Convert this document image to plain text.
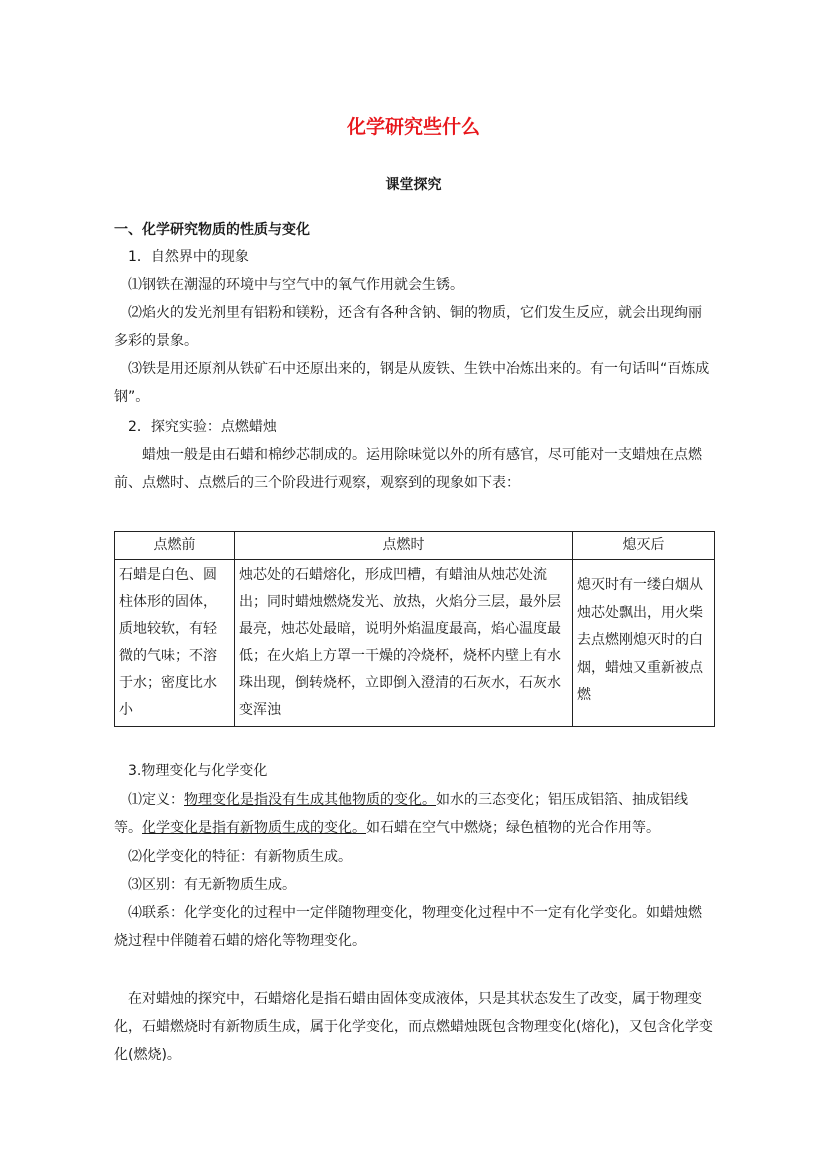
化学研究些什么
课堂探究
一、化学研究物质的性质与变化
1．自然界中的现象
⑴钢铁在潮湿的环境中与空气中的氧气作用就会生锈。
⑵焰火的发光剂里有铝粉和镁粉，还含有各种含钠、铜的物质，它们发生反应，就会出现绚丽多彩的景象。
⑶铁是用还原剂从铁矿石中还原出来的，钢是从废铁、生铁中冶炼出来的。有一句话叫“百炼成钢”。
2．探究实验：点燃蜡烛
蜡烛一般是由石蜡和棉纱芯制成的。运用除味觉以外的所有感官，尽可能对一支蜡烛在点燃前、点燃时、点燃后的三个阶段进行观察，观察到的现象如下表：
点燃前	点燃时	熄灭后
石蜡是白色、圆柱体形的固体，质地较软，有轻微的气味；不溶于水；密度比水小	烛芯处的石蜡熔化，形成凹槽，有蜡油从烛芯处流出；同时蜡烛燃烧发光、放热，火焰分三层，最外层最亮，烛芯处最暗，说明外焰温度最高，焰心温度最低；在火焰上方罩一干燥的冷烧杯，烧杯内壁上有水珠出现，倒转烧杯，立即倒入澄清的石灰水，石灰水变浑浊	熄灭时有一缕白烟从烛芯处飘出，用火柴去点燃刚熄灭时的白烟，蜡烛又重新被点燃
3.物理变化与化学变化
⑴定义：物理变化是指没有生成其他物质的变化。如水的三态变化；铝压成铝箔、抽成铝线等。化学变化是指有新物质生成的变化。如石蜡在空气中燃烧；绿色植物的光合作用等。
⑵化学变化的特征：有新物质生成。
⑶区别：有无新物质生成。
⑷联系：化学变化的过程中一定伴随物理变化，物理变化过程中不一定有化学变化。如蜡烛燃烧过程中伴随着石蜡的熔化等物理变化。
在对蜡烛的探究中，石蜡熔化是指石蜡由固体变成液体，只是其状态发生了改变，属于物理变化，石蜡燃烧时有新物质生成，属于化学变化，而点燃蜡烛既包含物理变化(熔化)，又包含化学变化(燃烧)。
